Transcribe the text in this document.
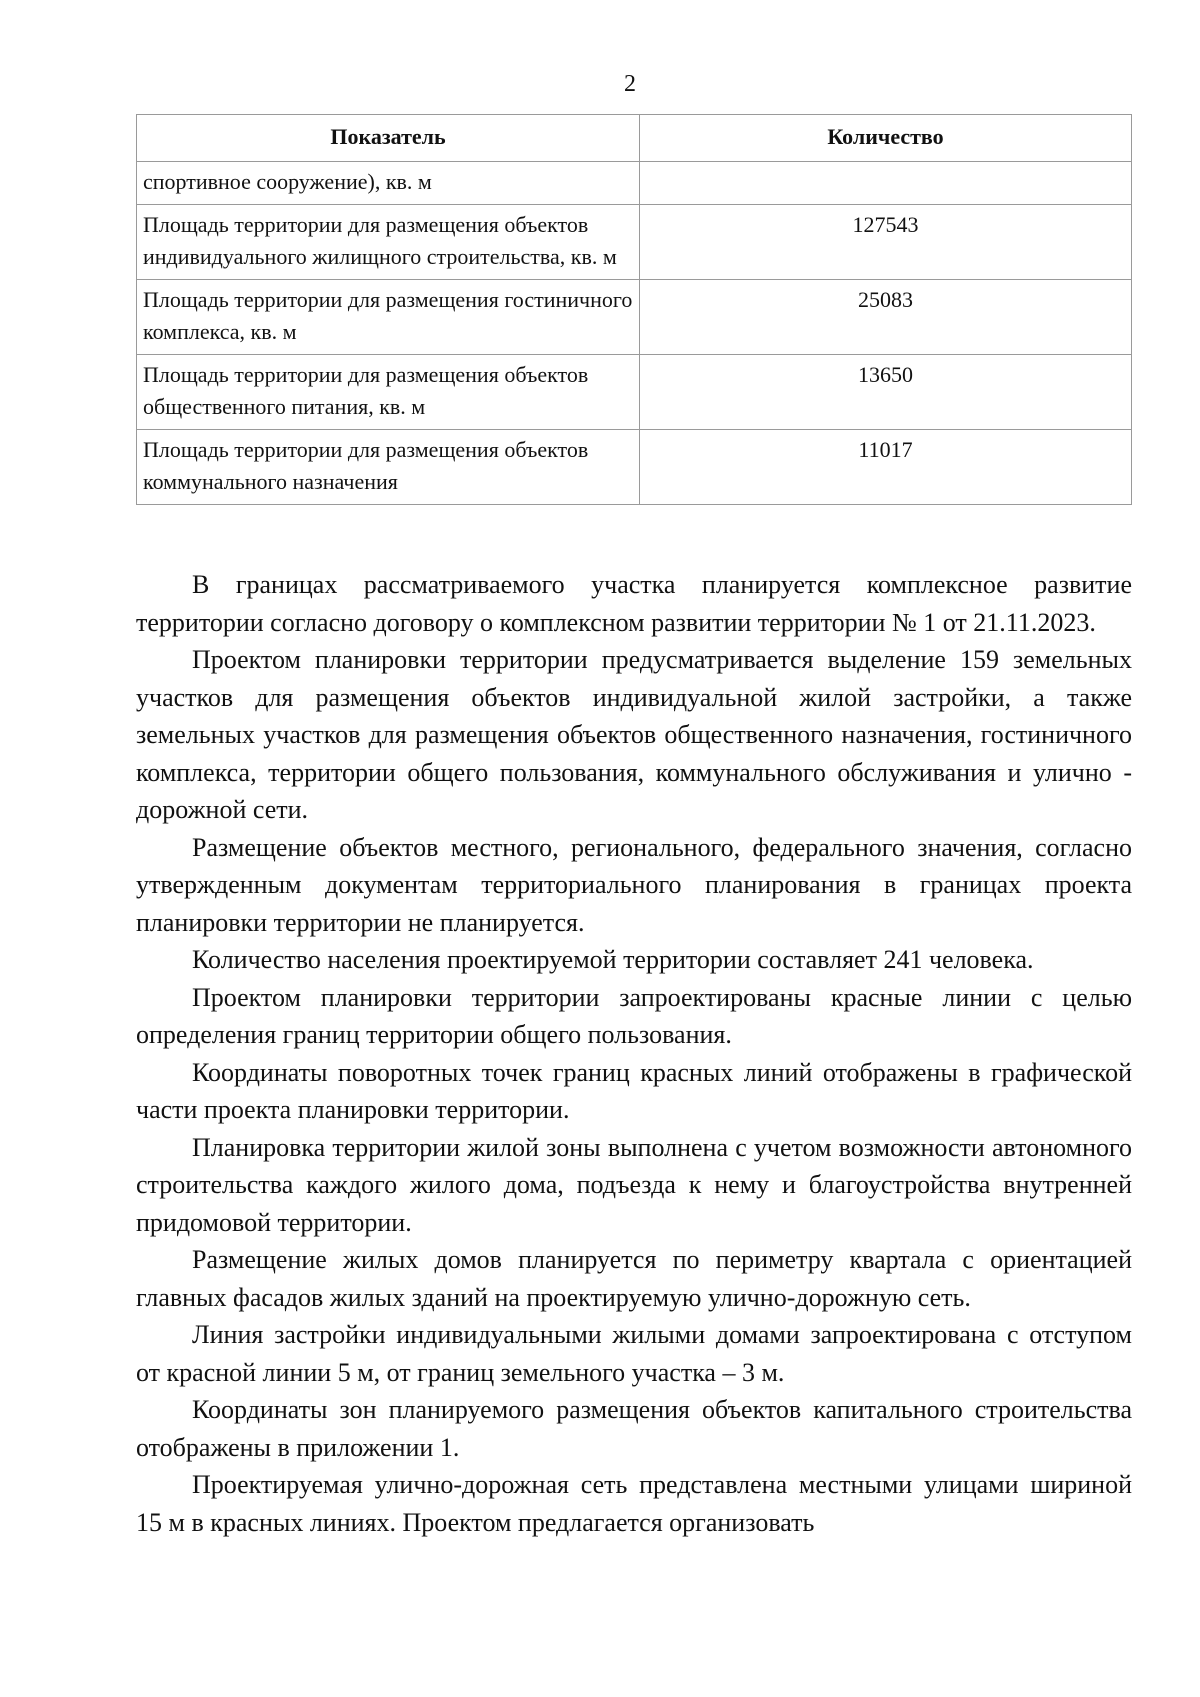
2
Показатель	Количество
спортивное сооружение), кв. м	
Площадь территории для размещения объектов индивидуального жилищного строительства, кв. м	127543
Площадь территории для размещения гостиничного комплекса, кв. м	25083
Площадь территории для размещения объектов общественного питания, кв. м	13650
Площадь территории для размещения объектов коммунального назначения	11017

В границах рассматриваемого участка планируется комплексное развитие территории согласно договору о комплексном развитии территории № 1 от 21.11.2023.

Проектом планировки территории предусматривается выделение 159 земельных участков для размещения объектов индивидуальной жилой застройки, а также земельных участков для размещения объектов общественного назначения, гостиничного комплекса, территории общего пользования, коммунального обслуживания и улично - дорожной сети.

Размещение объектов местного, регионального, федерального значения, согласно утвержденным документам территориального планирования в границах проекта планировки территории не планируется.

Количество населения проектируемой территории составляет 241 человека.

Проектом планировки территории запроектированы красные линии с целью определения границ территории общего пользования.

Координаты поворотных точек границ красных линий отображены в графической части проекта планировки территории.

Планировка территории жилой зоны выполнена с учетом возможности автономного строительства каждого жилого дома, подъезда к нему и благоустройства внутренней придомовой территории.

Размещение жилых домов планируется по периметру квартала с ориентацией главных фасадов жилых зданий на проектируемую улично-дорожную сеть.

Линия застройки индивидуальными жилыми домами запроектирована с отступом от красной линии 5 м, от границ земельного участка – 3 м.

Координаты зон планируемого размещения объектов капитального строительства отображены в приложении 1.

Проектируемая улично-дорожная сеть представлена местными улицами шириной 15 м в красных линиях. Проектом предлагается организовать
